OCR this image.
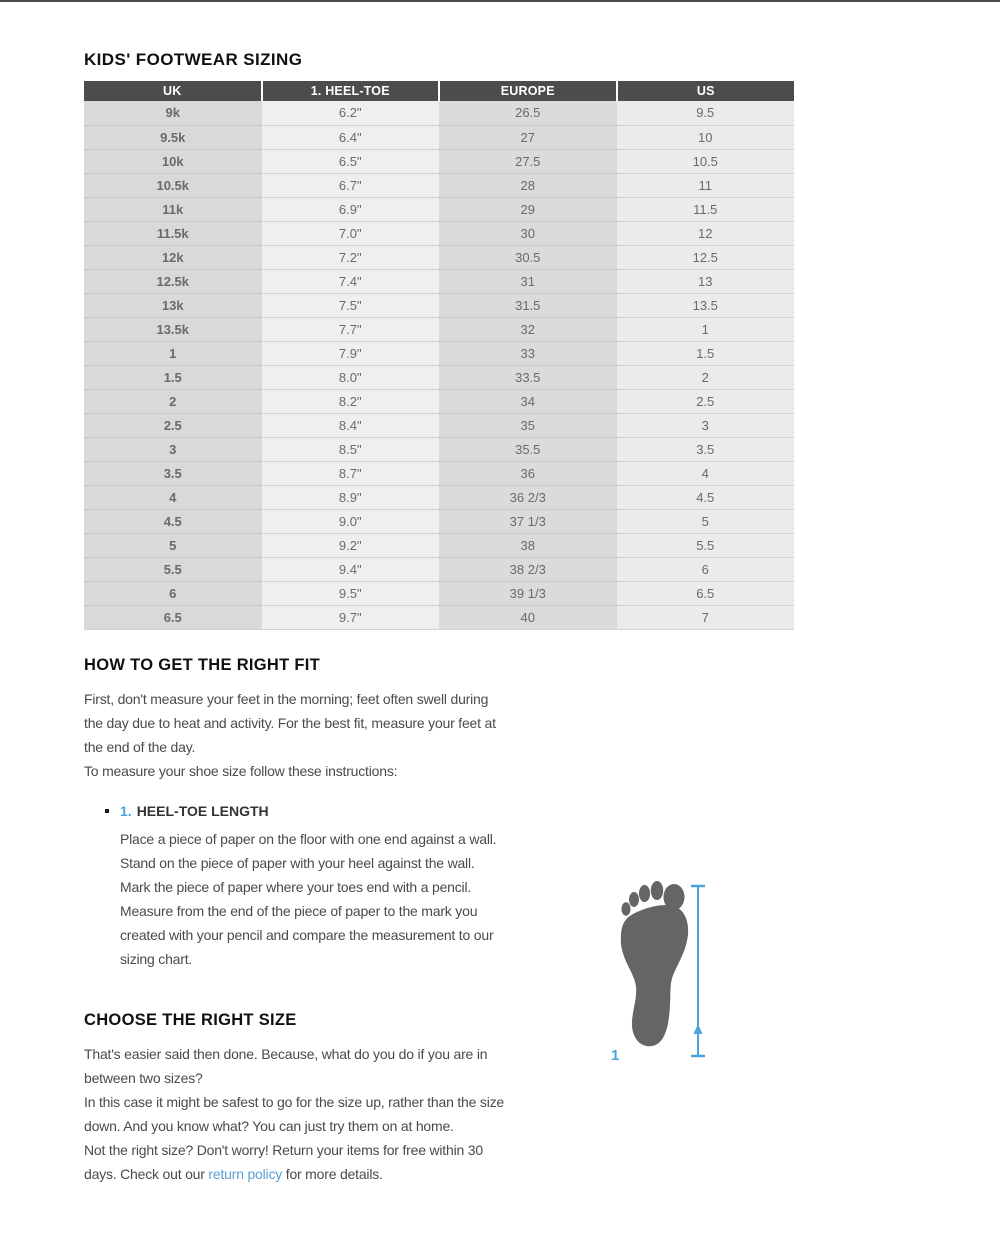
KIDS' FOOTWEAR SIZING
UK	1. HEEL-TOE	EUROPE	US
9k	6.2"	26.5	9.5
9.5k	6.4"	27	10
10k	6.5"	27.5	10.5
10.5k	6.7"	28	11
11k	6.9"	29	11.5
11.5k	7.0"	30	12
12k	7.2"	30.5	12.5
12.5k	7.4"	31	13
13k	7.5"	31.5	13.5
13.5k	7.7"	32	1
1	7.9"	33	1.5
1.5	8.0"	33.5	2
2	8.2"	34	2.5
2.5	8.4"	35	3
3	8.5"	35.5	3.5
3.5	8.7"	36	4
4	8.9"	36 2/3	4.5
4.5	9.0"	37 1/3	5
5	9.2"	38	5.5
5.5	9.4"	38 2/3	6
6	9.5"	39 1/3	6.5
6.5	9.7"	40	7
HOW TO GET THE RIGHT FIT
First, don't measure your feet in the morning; feet often swell during
the day due to heat and activity. For the best fit, measure your feet at
the end of the day.
To measure your shoe size follow these instructions:
1. HEEL-TOE LENGTH
Place a piece of paper on the floor with one end against a wall.
Stand on the piece of paper with your heel against the wall.
Mark the piece of paper where your toes end with a pencil.
Measure from the end of the piece of paper to the mark you
created with your pencil and compare the measurement to our
sizing chart.
CHOOSE THE RIGHT SIZE
That's easier said then done. Because, what do you do if you are in
between two sizes?
In this case it might be safest to go for the size up, rather than the size
down. And you know what? You can just try them on at home.
Not the right size? Don't worry! Return your items for free within 30
days. Check out our return policy for more details.
1
